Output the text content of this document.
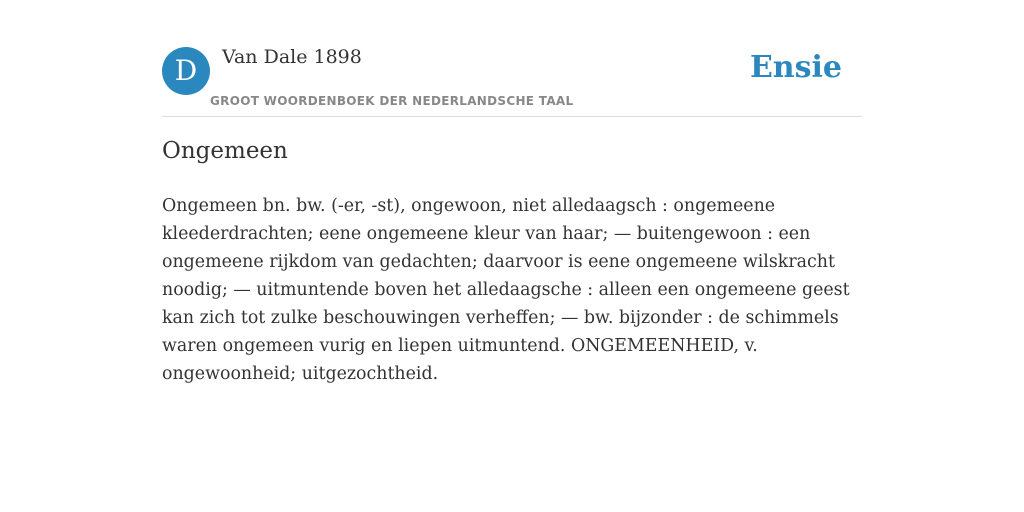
D	Van Dale 1898
GROOT WOORDENBOEK DER NEDERLANDSCHE TAAL
Ensie
Ongemeen

Ongemeen bn. bw. (-er, -st), ongewoon, niet alledaagsch : ongemeene kleederdrachten; eene ongemeene kleur van haar; — buitengewoon : een ongemeene rijkdom van gedachten; daarvoor is eene ongemeene wilskracht noodig; — uitmuntende boven het alledaagsche : alleen een ongemeene geest kan zich tot zulke beschouwingen verheffen; — bw. bijzonder : de schimmels waren ongemeen vurig en liepen uitmuntend. ONGEMEENHEID, v. ongewoonheid; uitgezochtheid.
